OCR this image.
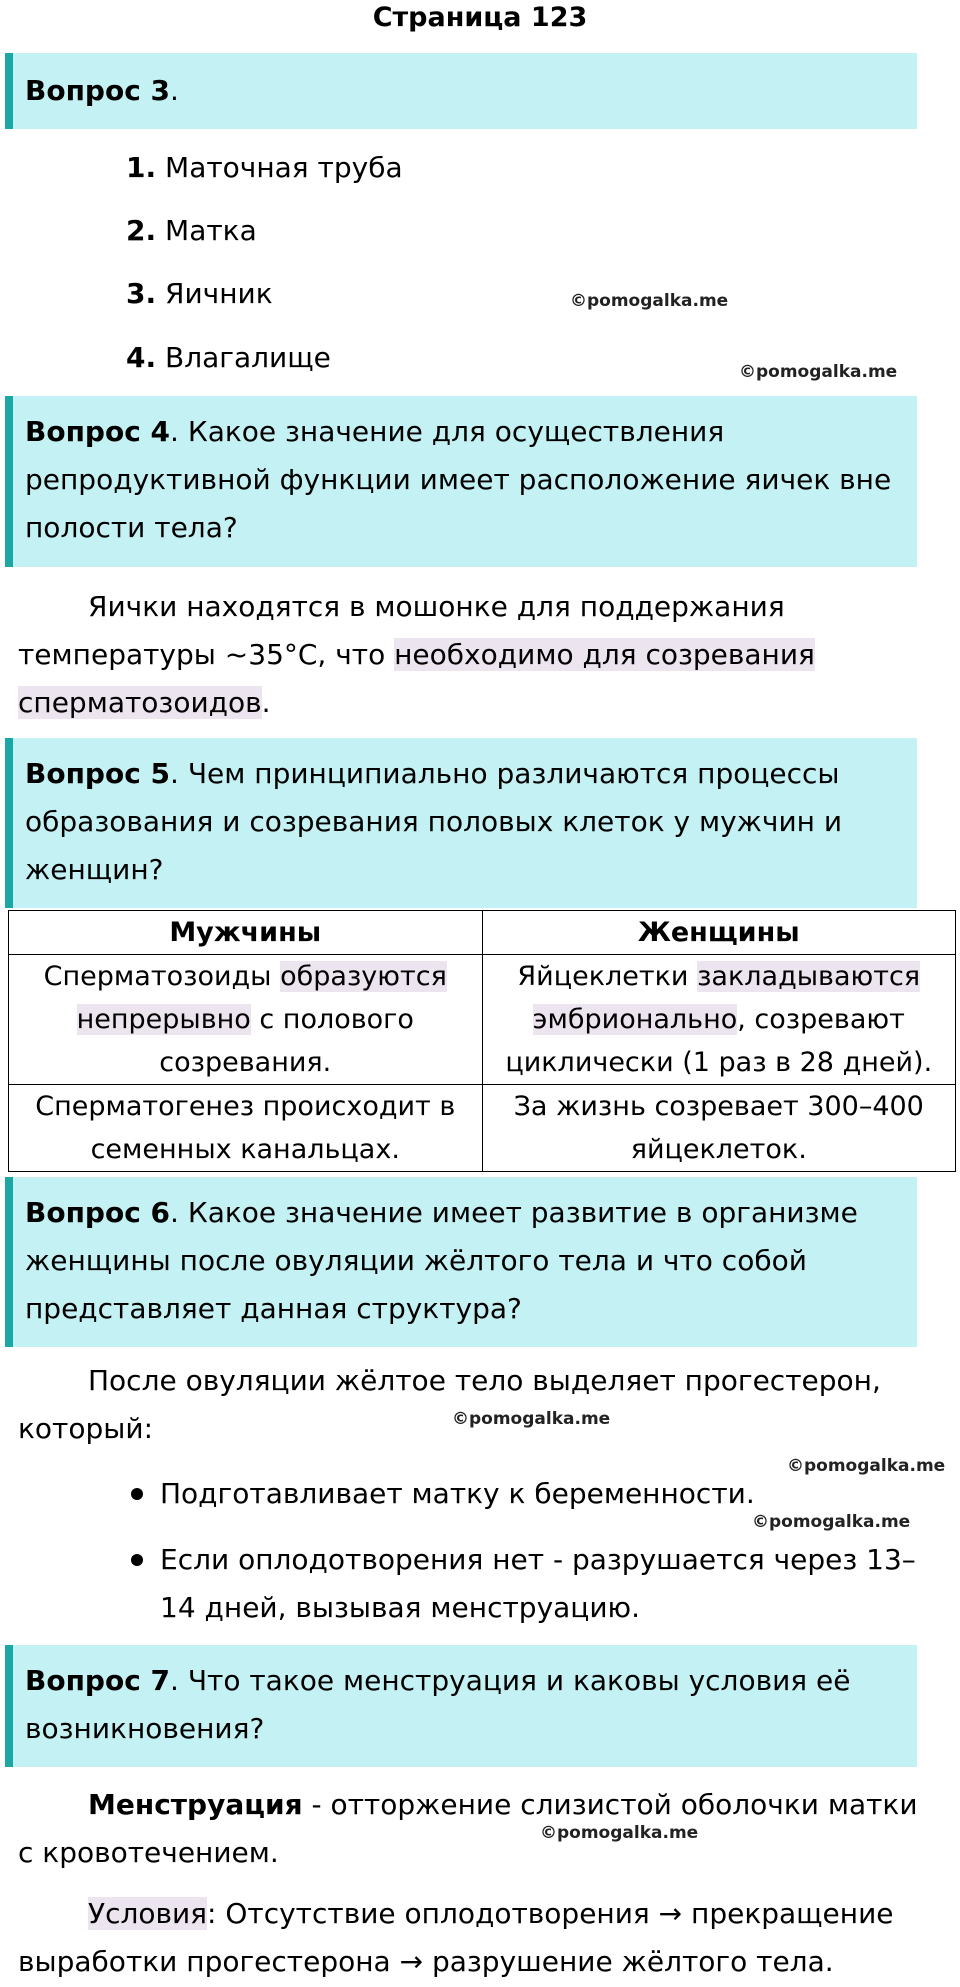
Страница 123
Вопрос 3.
1. Маточная труба
2. Матка
3. Яичник
4. Влагалище
©pomogalka.me
©pomogalka.me
Вопрос 4. Какое значение для осуществления репродуктивной функции имеет расположение яичек вне полости тела?
Яички находятся в мошонке для поддержания температуры ~35°C, что необходимо для созревания сперматозоидов.
Вопрос 5. Чем принципиально различаются процессы образования и созревания половых клеток у мужчин и женщин?
Мужчины	Женщины
Сперматозоиды образуются непрерывно с полового созревания.	Яйцеклетки закладываются эмбрионально, созревают циклически (1 раз в 28 дней).
Сперматогенез происходит в семенных канальцах.	За жизнь созревает 300–400 яйцеклеток.
Вопрос 6. Какое значение имеет развитие в организме женщины после овуляции жёлтого тела и что собой представляет данная структура?
После овуляции жёлтое тело выделяет прогестерон, который:	©pomogalka.me
©pomogalka.me
Подготавливает матку к беременности.
©pomogalka.me
Если оплодотворения нет - разрушается через 13–14 дней, вызывая менструацию.
Вопрос 7. Что такое менструация и каковы условия её возникновения?
Менструация - отторжение слизистой оболочки матки с кровотечением.
©pomogalka.me
Условия: Отсутствие оплодотворения → прекращение выработки прогестерона → разрушение жёлтого тела.
